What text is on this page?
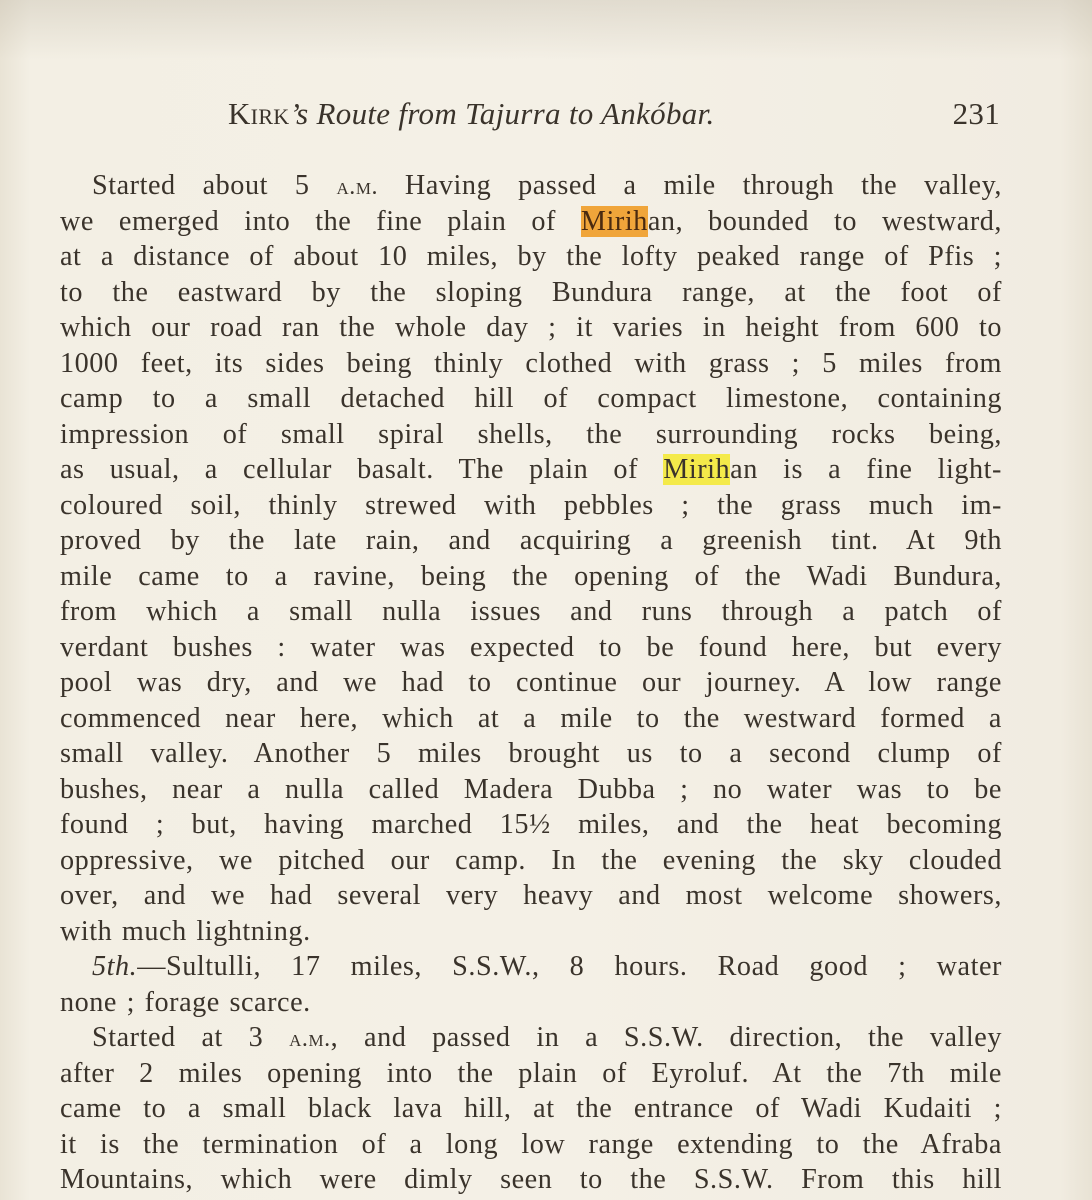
Kirk’s Route from Tajurra to Ankóbar.	231
Started about 5 a.m. Having passed a mile through the valley,
we emerged into the fine plain of Mirihan, bounded to westward,
at a distance of about 10 miles, by the lofty peaked range of Pfis ;
to the eastward by the sloping Bundura range, at the foot of
which our road ran the whole day ; it varies in height from 600 to
1000 feet, its sides being thinly clothed with grass ; 5 miles from
camp to a small detached hill of compact limestone, containing
impression of small spiral shells, the surrounding rocks being,
as usual, a cellular basalt. The plain of Mirihan is a fine light-
coloured soil, thinly strewed with pebbles ; the grass much im-
proved by the late rain, and acquiring a greenish tint. At 9th
mile came to a ravine, being the opening of the Wadi Bundura,
from which a small nulla issues and runs through a patch of
verdant bushes : water was expected to be found here, but every
pool was dry, and we had to continue our journey. A low range
commenced near here, which at a mile to the westward formed a
small valley. Another 5 miles brought us to a second clump of
bushes, near a nulla called Madera Dubba ; no water was to be
found ; but, having marched 15½ miles, and the heat becoming
oppressive, we pitched our camp. In the evening the sky clouded
over, and we had several very heavy and most welcome showers,
with much lightning.
5th.—Sultulli, 17 miles, S.S.W., 8 hours. Road good ; water
none ; forage scarce.
Started at 3 a.m., and passed in a S.S.W. direction, the valley
after 2 miles opening into the plain of Eyroluf. At the 7th mile
came to a small black lava hill, at the entrance of Wadi Kudaiti ;
it is the termination of a long low range extending to the Afraba
Mountains, which were dimly seen to the S.S.W. From this hill
